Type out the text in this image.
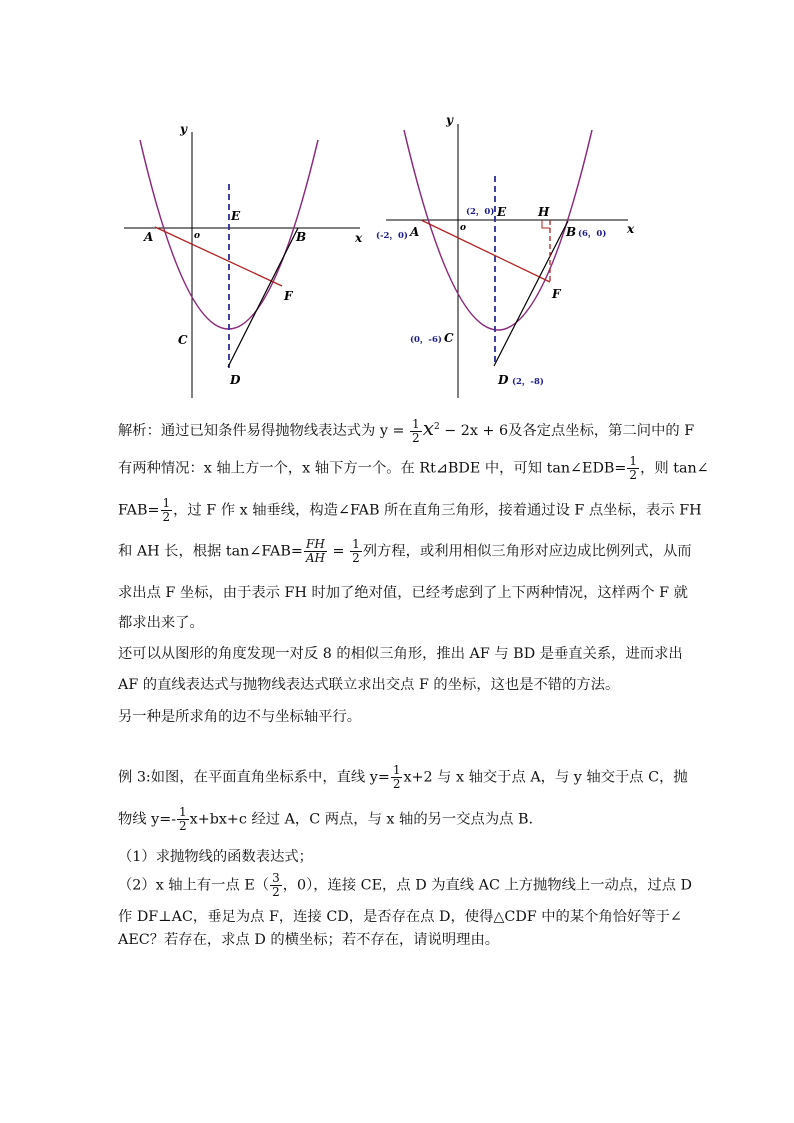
y
x
o
A	B
E
F
C
D
y
x
o
A
(-2，0)	B (6，0)
(2，0) E	H
F
(0，-6) C
D (2，-8)
解析：通过已知条件易得抛物线表达式为 $y = \frac{1}{2} x^2 - 2x + 6$及各定点坐标，第二问中的 F
有两种情况：x 轴上方一个，x 轴下方一个。在 Rt⊿BDE 中，可知 tan∠EDB= $\frac{1}{2}$ ，则 tan∠
$FAB= \frac{1}{2}$ ，过 F 作 x 轴垂线，构造∠FAB 所在直角三角形，接着通过设 F 点坐标，表示 FH
和 AH 长，根据 tan∠FAB= $\frac{FH}{AH} = \frac{1}{2}$ 列方程，或利用相似三角形对应边成比例列式，从而
求出点 F 坐标，由于表示 FH 时加了绝对值，已经考虑到了上下两种情况，这样两个 F 就
都求出来了。
还可以从图形的角度发现一对反 8 的相似三角形，推出 AF 与 BD 是垂直关系，进而求出
AF 的直线表达式与抛物线表达式联立求出交点 F 的坐标，这也是不错的方法。
另一种是所求角的边不与坐标轴平行。
例 3:如图，在平面直角坐标系中，直线 $y= \frac{1}{2} x+2$ 与 x 轴交于点 A，与 y 轴交于点 C，抛
物线 $y=- \frac{1}{2} x+bx+c$ 经过 A，C 两点，与 x 轴的另一交点为点 B.
（1）求抛物线的函数表达式；
（2）x 轴上有一点 $E( \frac{3}{2}$ ，0），连接 CE，点 D 为直线 AC 上方抛物线上一动点，过点 D
作 DF⊥AC，垂足为点 F，连接 CD，是否存在点 D，使得△CDF 中的某个角恰好等于∠
AEC？若存在，求点 D 的横坐标；若不存在，请说明理由。
